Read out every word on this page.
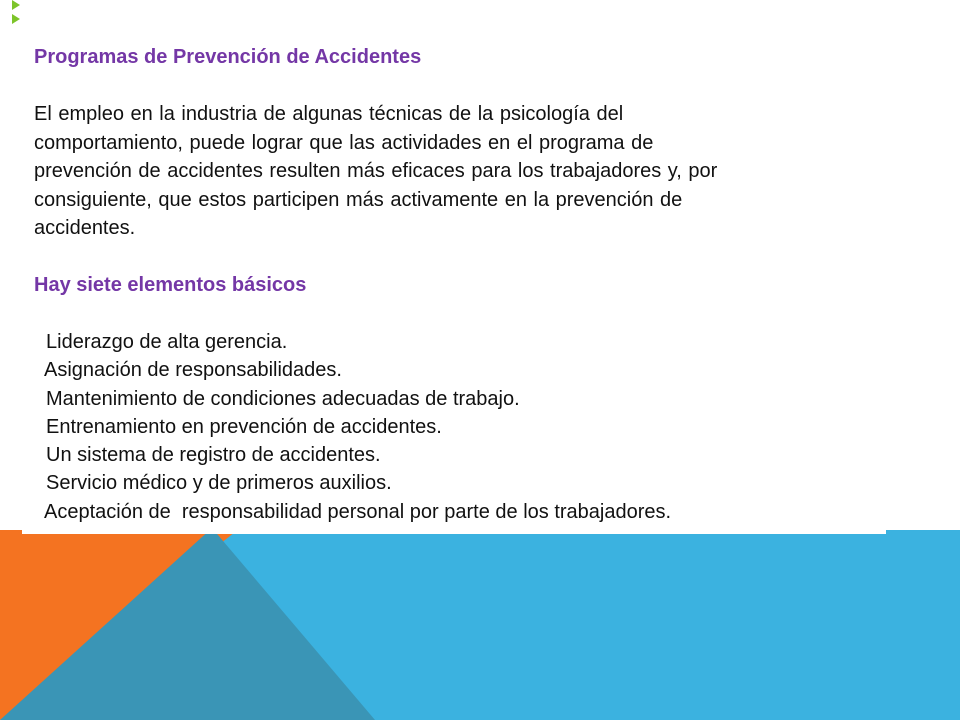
Programas de Prevención de Accidentes
El empleo en la industria de algunas técnicas de la psicología del
comportamiento, puede lograr que las actividades en el programa de
prevención de accidentes resulten más eficaces para los trabajadores y, por
consiguiente, que estos participen más activamente en la prevención de
accidentes.
Hay siete elementos básicos
Liderazgo de alta gerencia.
Asignación de responsabilidades.
Mantenimiento de condiciones adecuadas de trabajo.
Entrenamiento en prevención de accidentes.
Un sistema de registro de accidentes.
Servicio médico y de primeros auxilios.
Aceptación de  responsabilidad personal por parte de los trabajadores.
